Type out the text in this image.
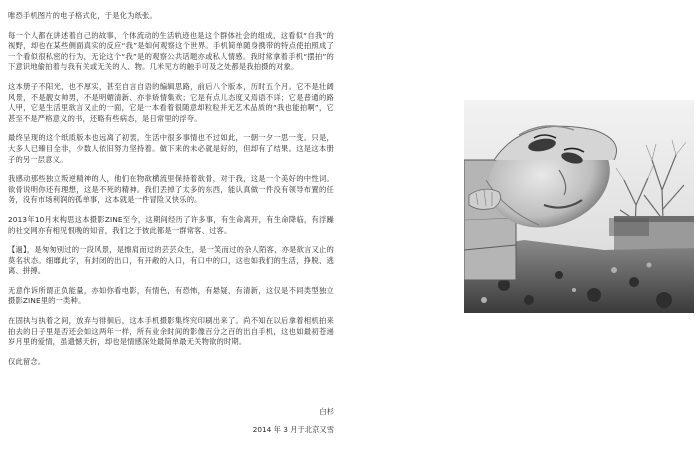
唯恐手机图片的电子格式化，于是化为纸张。

每一个人都在讲述着自己的故事，个体流动的生活轨迹也是这个群体社会的组成，这看似“自我”的视野，却也在某些侧面真实的反应“我”是如何观察这个世界。手机简单随身携带的特点使拍照成了一个看似很私密的行为，无论这个“我”是的观察公共话题亦或私人情感。我时常拿着手机“摆拍”的下意识地偷拍着与我有关或无关的人、物。几米见方的触手可及之处都是我拍摄的对象。

这本册子不阳光，也不厚实，甚至自言自语的编辑思路，前后八个版本，历时五个月。它不是壮阔风景，不是靓女帅男，不是明媚清新、亦非矫情集欢；它是有点儿态度又焉语不详；它是普通的路人甲，它是生活里欲言又止的一面，它是一本看着很随意却粒粒并无艺术品质的“我也能拍啊”，它甚至不是严格意义的书，还略有些病态，是日常里的浮夸。

最终呈现的这个纸质版本也远离了初衷，生活中很多事情也不过如此，一朝一夕一思一变。只是，大多人已臻目全非，少数人依旧努力坚持着。做下来的未必就是好的，但却有了结果。这是这本册子的另一层意义。

我感动那些独立叛逆精神的人，他们在物欲横流里保持着欲骨，对于我，这是一个美好的中性词。欲骨说明你还有理想，这是不死的精神。我们丢掉了太多的东西，能认真做一件没有领导布置的任务，没有市场利润的孤单事，这本就是一件冒险又快乐的。

2013年10月末构思这本摄影ZINE至今，这期间经历了许多事，有生命离开，有生命降临，有浮躁的社交网亦有相见恨晚的知音，我们之于彼此都是一群常客、过客。

【過】，是匆匆别过的一段风景，是擦肩而过的芸芸众生，是一笑而过的杂人陌客，亦是欲言又止的莫名状态。细靡此字，有封闭的出口，有开敞的入口，有口中的口，这也如我们的生活，挣脱、逃离、拼搏。

无意作诉所谓正负能量，亦如你看电影，有情色，有恐怖，有悬疑，有清新，这仅是不同类型独立摄影ZINE里的一类种。

在固执与执着之间，放弃与徘徊后，这本手机摄影集终究印刷出来了。尚不知在以后拿着相机拍来拍去的日子里是否还会如这两年一样，所有业余时间的影像百分之百的出自手机，这也如最初苍递岁月里的爱情，虽遗憾天折，却也是情感深处最简单最无关物欲的时期。

仅此留念。

白杉
2014 年 3 月于北京又雪
